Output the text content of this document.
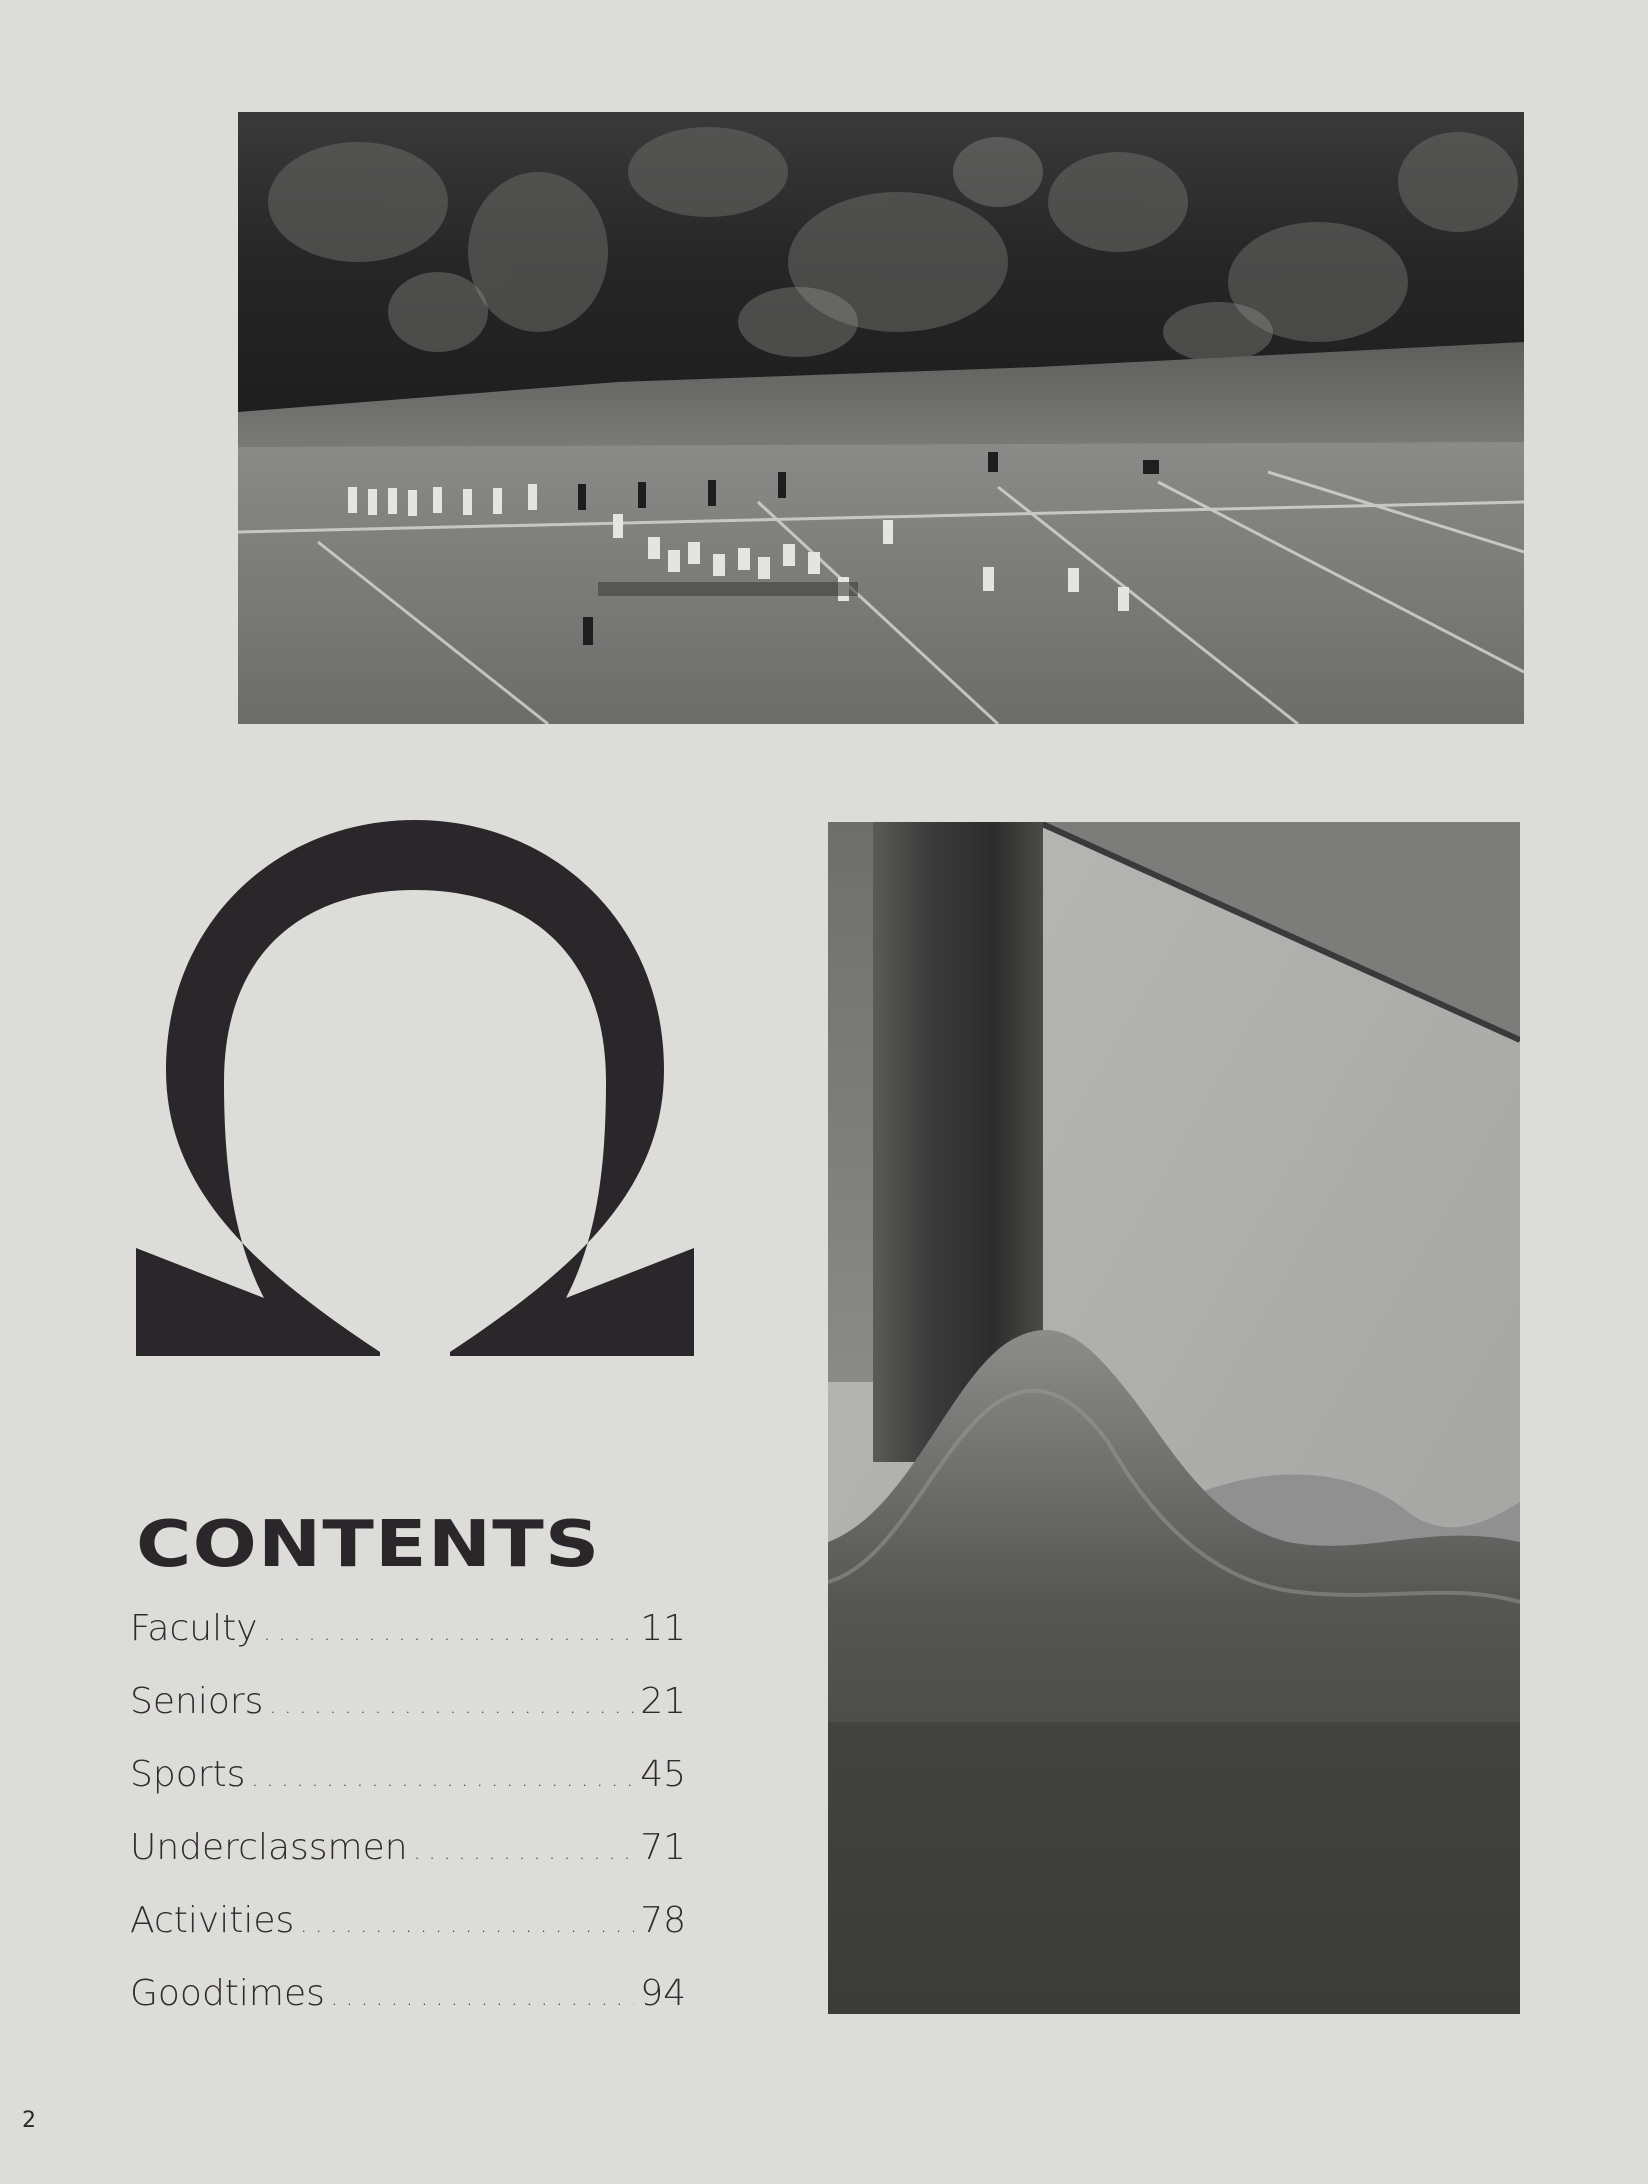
CONTENTS
Faculty .....	11
Seniors .....	21
Sports .....	45
Underclassmen .....	71
Activities .....	78
Goodtimes .....	94
2
